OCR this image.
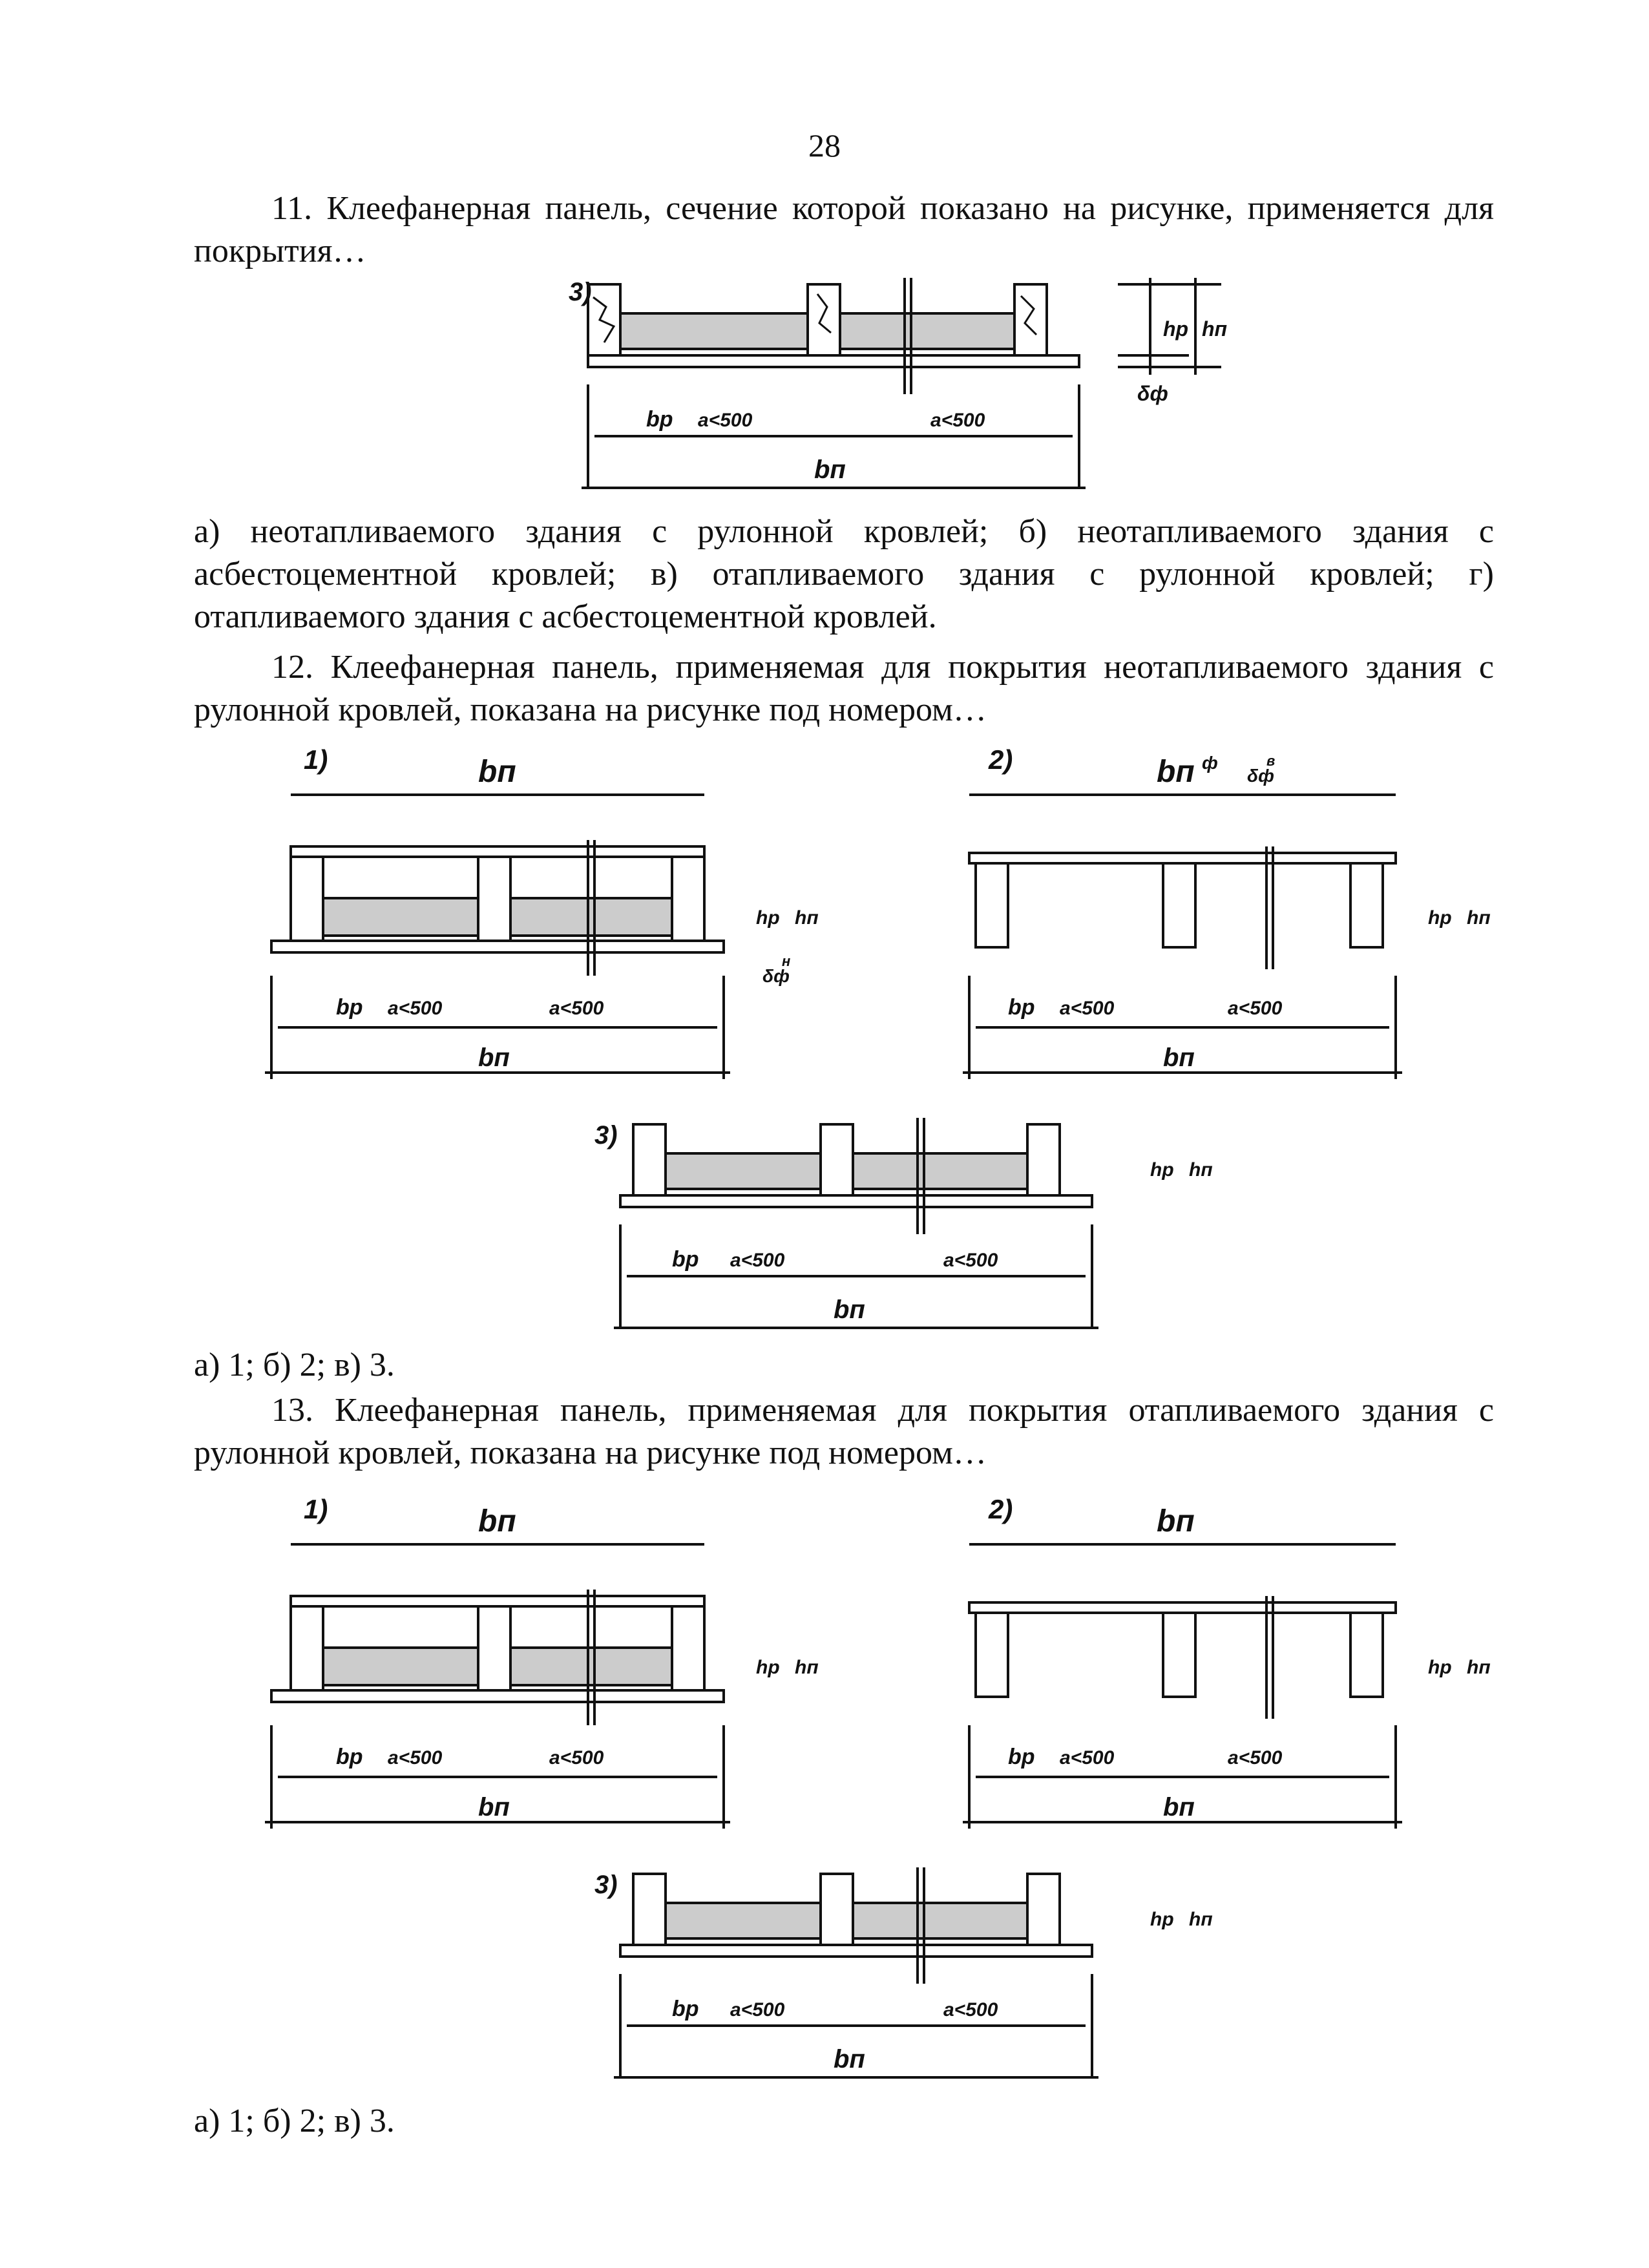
28
11. Клеефанерная панель, сечение которой показано на рисунке, применяется для покрытия…
3)
bр a<500	a<500
bп
hр hп
δф
а) неотапливаемого здания с рулонной кровлей; б) неотапливаемого здания с асбестоцементной кровлей; в) отапливаемого здания с рулонной кровлей; г) отапливаемого здания с асбестоцементной кровлей.
12. Клеефанерная панель, применяемая для покрытия неотапливаемого здания с рулонной кровлей, показана на рисунке под номером…
1)	bп
bр a<500	a<500
bп
hр hп
2)	bп
bр a<500	a<500
bп
hр hп
3)
bр a<500	a<500
bп
hр hп
а) 1; б) 2; в) 3.
13. Клеефанерная панель, применяемая для покрытия отапливаемого здания с рулонной кровлей, показана на рисунке под номером…
1)	bп
bр a<500	a<500
bп
hр hп
2)	bп
bр a<500	a<500
bп
hр hп
3)
bр a<500	a<500
bп
hр hп
а) 1; б) 2; в) 3.
δф
в
ф
δф
н
